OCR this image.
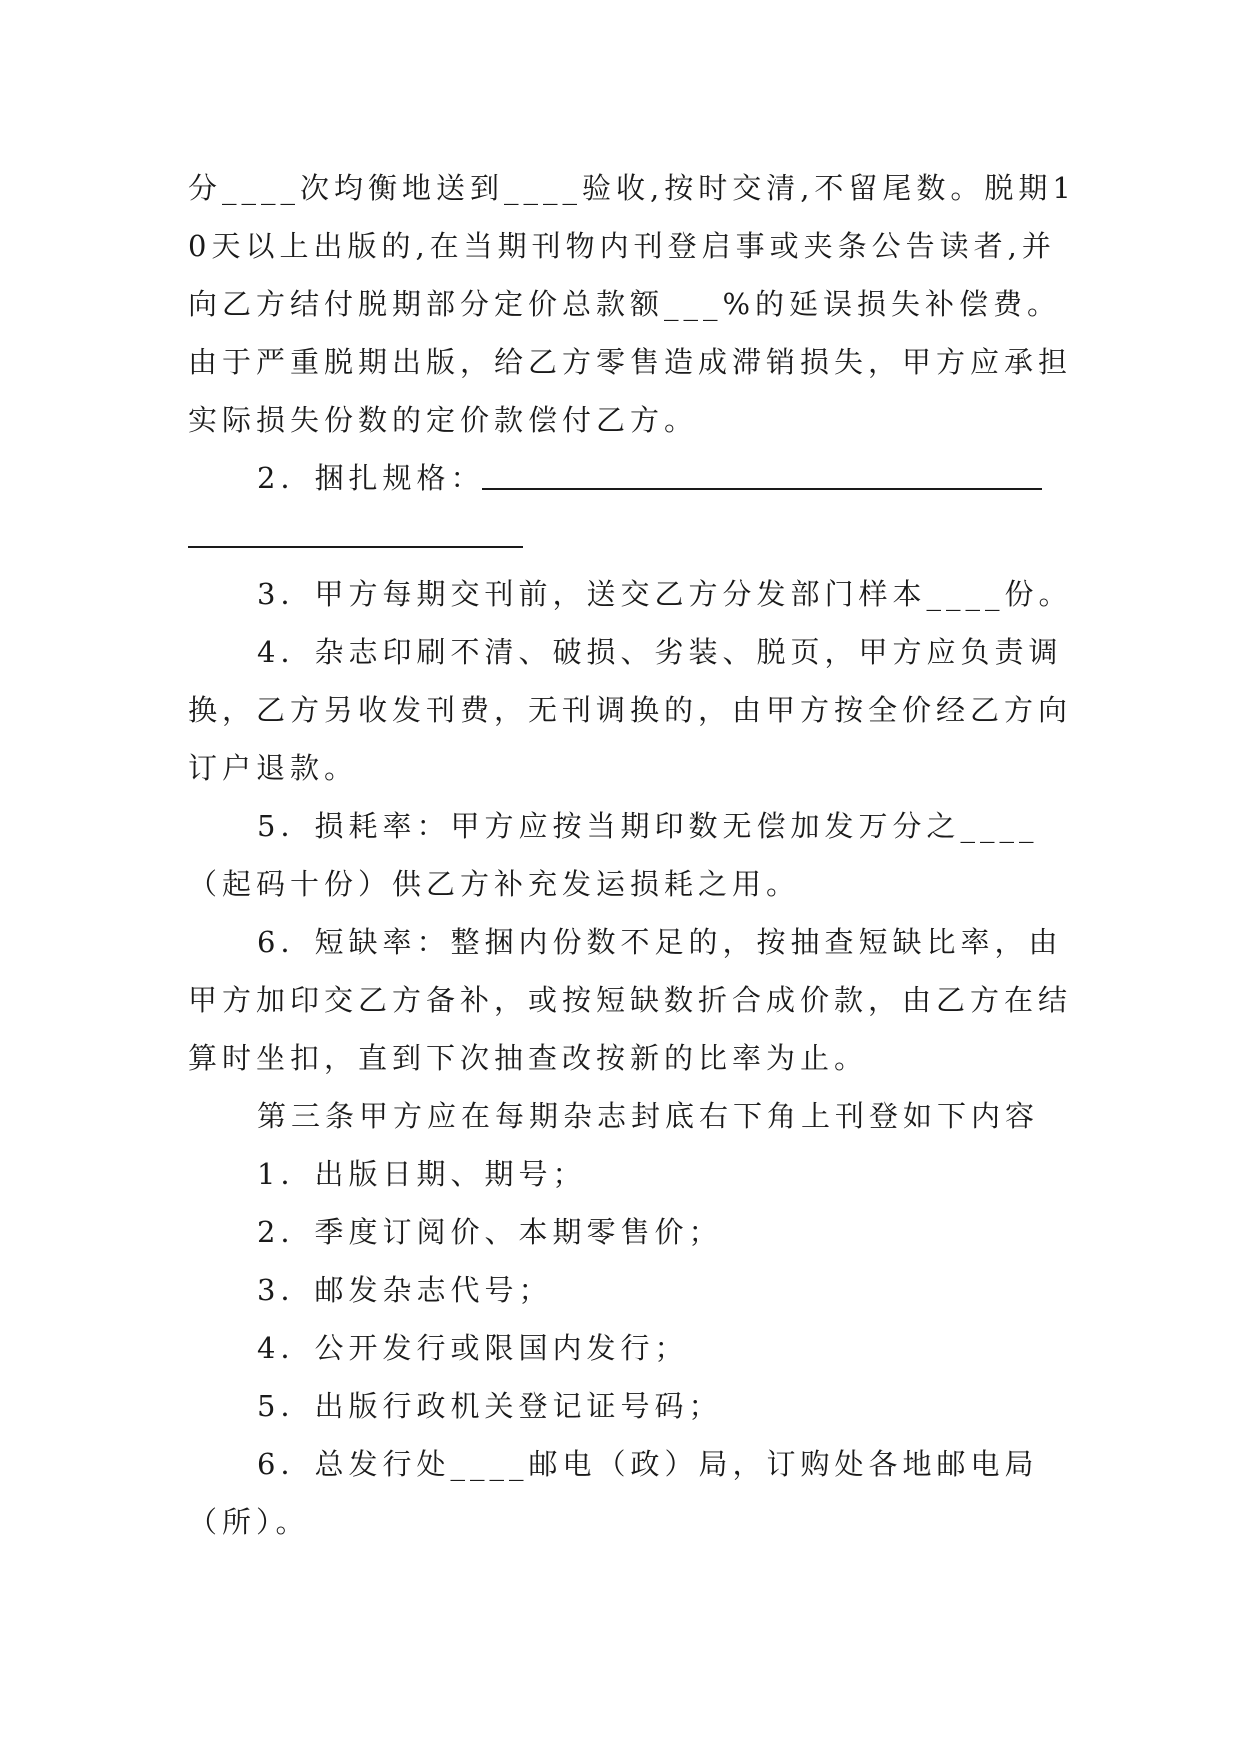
分____次均衡地送到____验收,按时交清,不留尾数。脱期1
0天以上出版的,在当期刊物内刊登启事或夹条公告读者,并
向乙方结付脱期部分定价总款额___%的延误损失补偿费。
由于严重脱期出版，给乙方零售造成滞销损失，甲方应承担
实际损失份数的定价款偿付乙方。
2．捆扎规格：
3．甲方每期交刊前，送交乙方分发部门样本____份。
4．杂志印刷不清、破损、劣装、脱页，甲方应负责调
换，乙方另收发刊费，无刊调换的，由甲方按全价经乙方向
订户退款。
5．损耗率：甲方应按当期印数无偿加发万分之____
（起码十份）供乙方补充发运损耗之用。
6．短缺率：整捆内份数不足的，按抽查短缺比率，由
甲方加印交乙方备补，或按短缺数折合成价款，由乙方在结
算时坐扣，直到下次抽查改按新的比率为止。
第三条甲方应在每期杂志封底右下角上刊登如下内容
1．出版日期、期号；
2．季度订阅价、本期零售价；
3．邮发杂志代号；
4．公开发行或限国内发行；
5．出版行政机关登记证号码；
6．总发行处____邮电（政）局，订购处各地邮电局
（所）。
